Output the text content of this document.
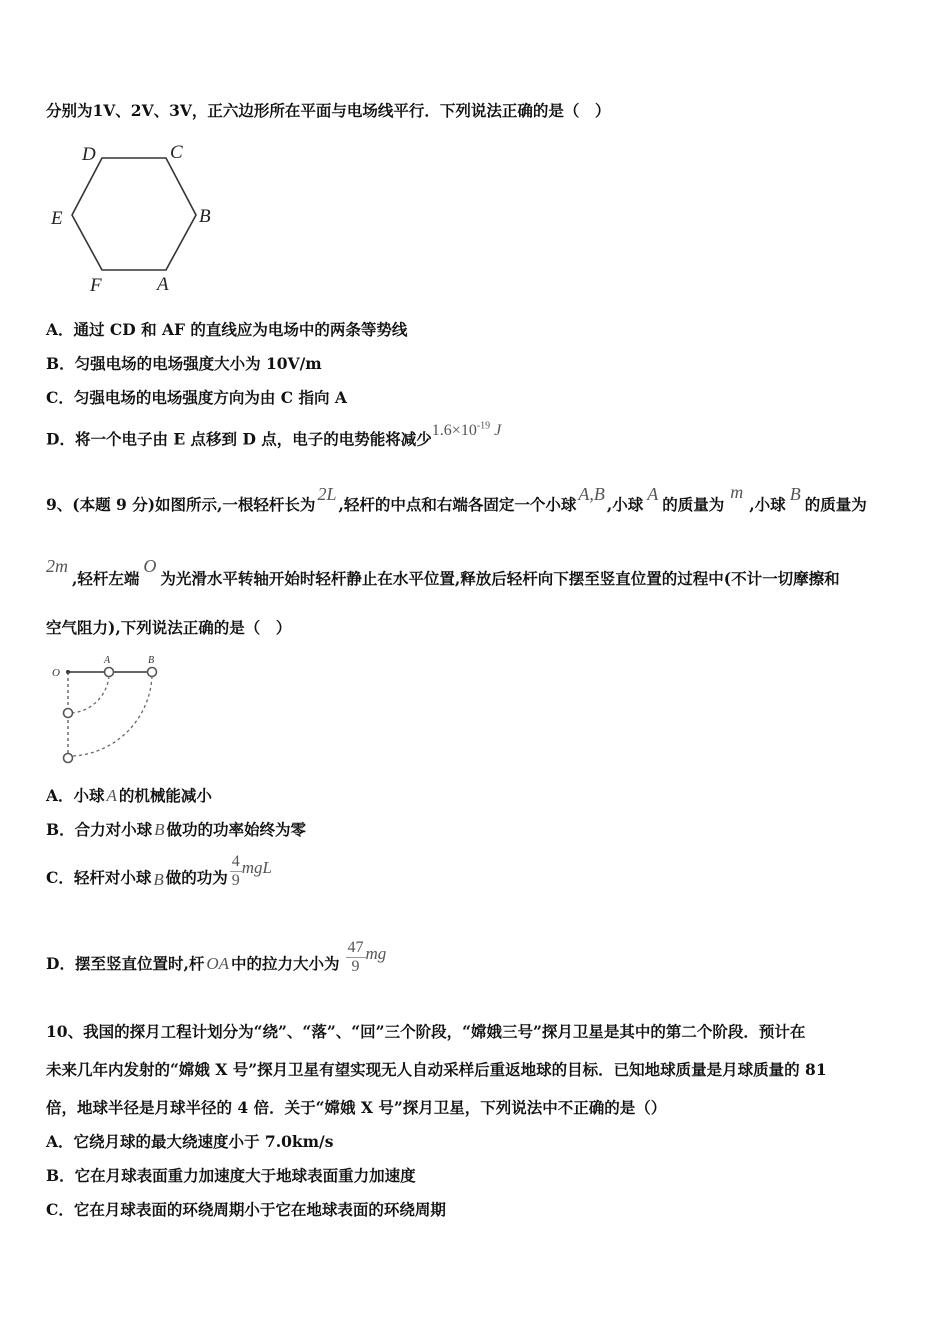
分别为1V、2V、3V，正六边形所在平面与电场线平行．下列说法正确的是（　）
D	C
E	B
F	A
A．通过 CD 和 AF 的直线应为电场中的两条等势线
B．匀强电场的电场强度大小为 10V/m
C．匀强电场的电场强度方向为由 C 指向 A
D．将一个电子由 E 点移到 D 点，电子的电势能将减少$1.6\times 10^{-19}$ J
9、(本题 9 分)如图所示,一根轻杆长为2L,轻杆的中点和右端各固定一个小球A,B,小球A的质量为m,小球B的质量为
2m,轻杆左端O为光滑水平转轴开始时轻杆静止在水平位置,释放后轻杆向下摆至竖直位置的过程中(不计一切摩擦和
空气阻力),下列说法正确的是（　）
O
A	B
A．小球 A 的机械能减小
B．合力对小球 B 做功的功率始终为零
C．轻杆对小球 B 做的功为 $\frac{4}{9}$ mgL
D．摆至竖直位置时,杆 OA 中的拉力大小为 $\frac{47}{9}$ mg
10、我国的探月工程计划分为“绕”、“落”、“回”三个阶段，“嫦娥三号”探月卫星是其中的第二个阶段．预计在
未来几年内发射的“嫦娥 X 号”探月卫星有望实现无人自动采样后重返地球的目标．已知地球质量是月球质量的 81
倍，地球半径是月球半径的 4 倍．关于“嫦娥 X 号”探月卫星，下列说法中不正确的是（）
A．它绕月球的最大绕速度小于 7.0km/s
B．它在月球表面重力加速度大于地球表面重力加速度
C．它在月球表面的环绕周期小于它在地球表面的环绕周期
